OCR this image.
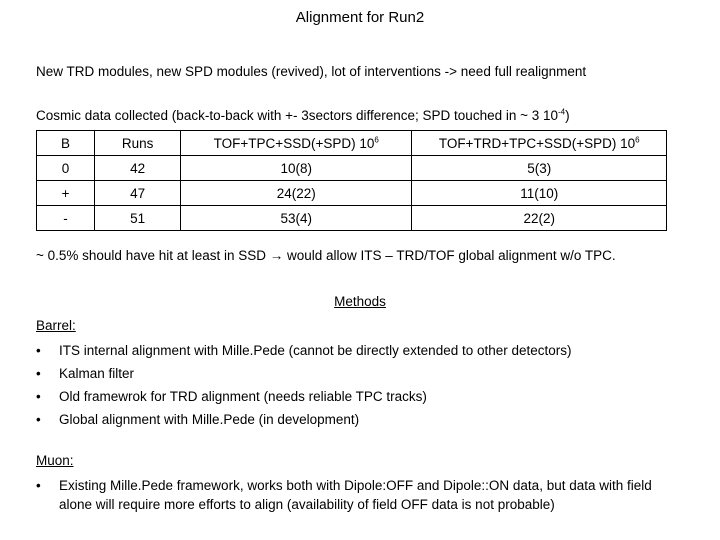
Alignment for Run2
New TRD modules, new SPD modules (revived), lot of interventions -> need full realignment
Cosmic data collected (back-to-back with +- 3sectors difference; SPD touched in ~ 3 $10^{-4}$)
B	Runs	TOF+TPC+SSD(+SPD) $10^6$	TOF+TRD+TPC+SSD(+SPD) $10^6$
0	42	10(8)	5(3)
+	47	24(22)	11(10)
-	51	53(4)	22(2)
~ 0.5% should have hit at least in SSD → would allow ITS – TRD/TOF global alignment w/o TPC.
Methods
Barrel:
• ITS internal alignment with Mille.Pede (cannot be directly extended to other detectors)
• Kalman filter
• Old framewrok for TRD alignment (needs reliable TPC tracks)
• Global alignment with Mille.Pede (in development)
Muon:
• Existing Mille.Pede framework, works both with Dipole:OFF and Dipole::ON data, but data with field alone will require more efforts to align (availability of field OFF data is not probable)
